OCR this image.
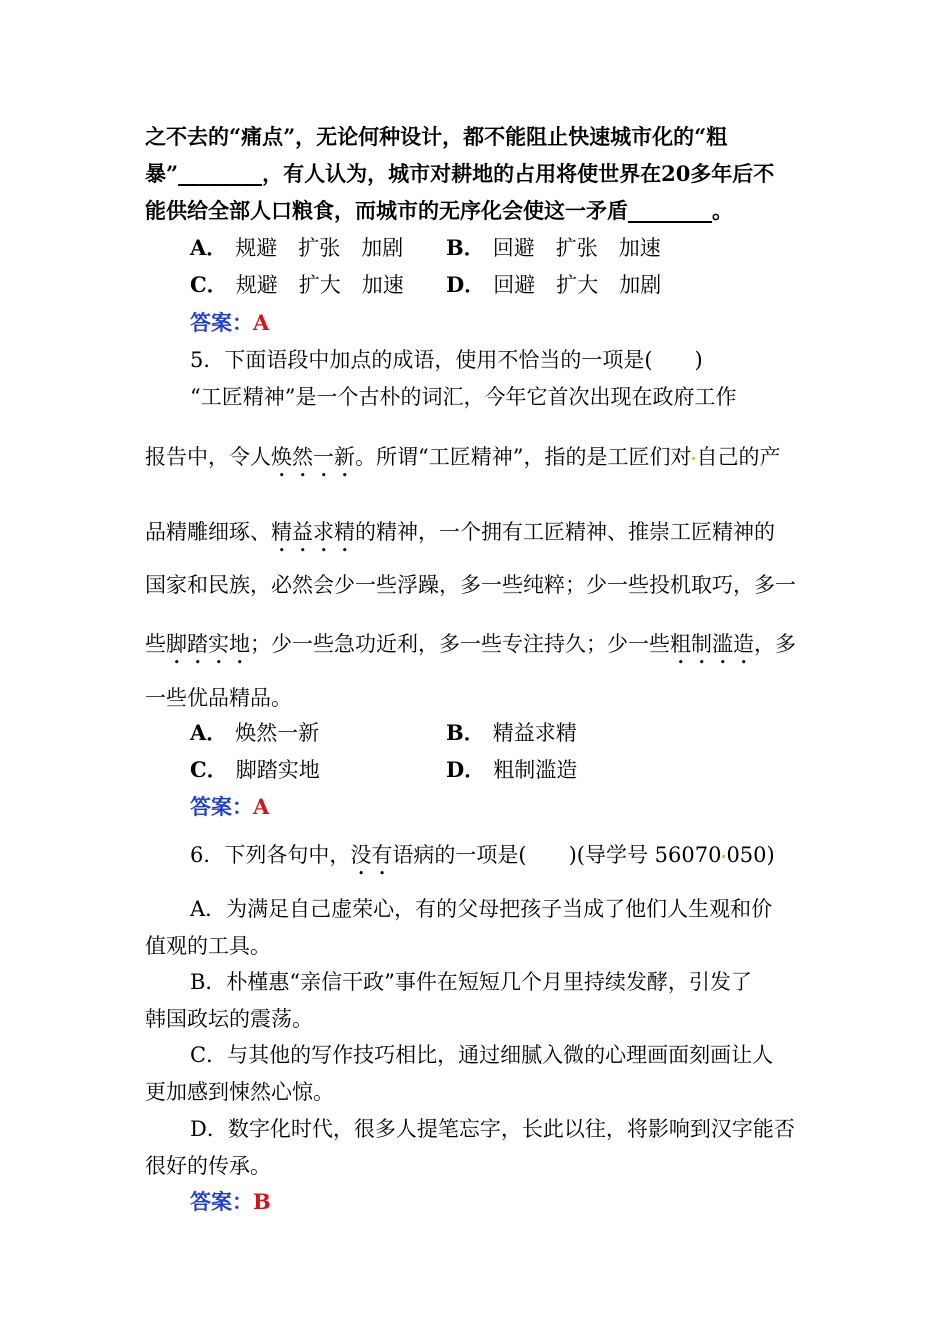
之不去的“痛点”，无论何种设计，都不能阻止快速城市化的“粗
暴”________，有人认为，城市对耕地的占用将使世界在20多年后不
能供给全部人口粮食，而城市的无序化会使这一矛盾________。
A． 规避　扩张　加剧 B． 回避　扩张　加速
C． 规避　扩大　加速 D． 回避　扩大　加剧
答案：A
5．下面语段中加点的成语，使用不恰当的一项是(　　)
“工匠精神”是一个古朴的词汇，今年它首次出现在政府工作
报告中，令人焕然一新。所谓“工匠精神”，指的是工匠们对 自己的产
品精雕细琢、精益求精的精神，一个拥有工匠精神、推崇工匠精神的
国家和民族，必然会少一些浮躁，多一些纯粹；少一些投机取巧，多一
些脚踏实地；少一些急功近利，多一些专注持久；少一些粗制滥造，多
一些优品精品。
A． 焕然一新	B． 精益求精
C． 脚踏实地	D． 粗制滥造
答案：A
6．下列各句中，没有语病的一项是(　　)(导学号 56070 050)
A．为满足自己虚荣心，有的父母把孩子当成了他们人生观和价
值观的工具。
B．朴槿惠“亲信干政”事件在短短几个月里持续发酵，引发了
韩国政坛的震荡。
C．与其他的写作技巧相比，通过细腻入微的心理画面刻画让人
更加感到悚然心惊。
D．数字化时代，很多人提笔忘字，长此以往，将影响到汉字能否
很好的传承。
答案：B
